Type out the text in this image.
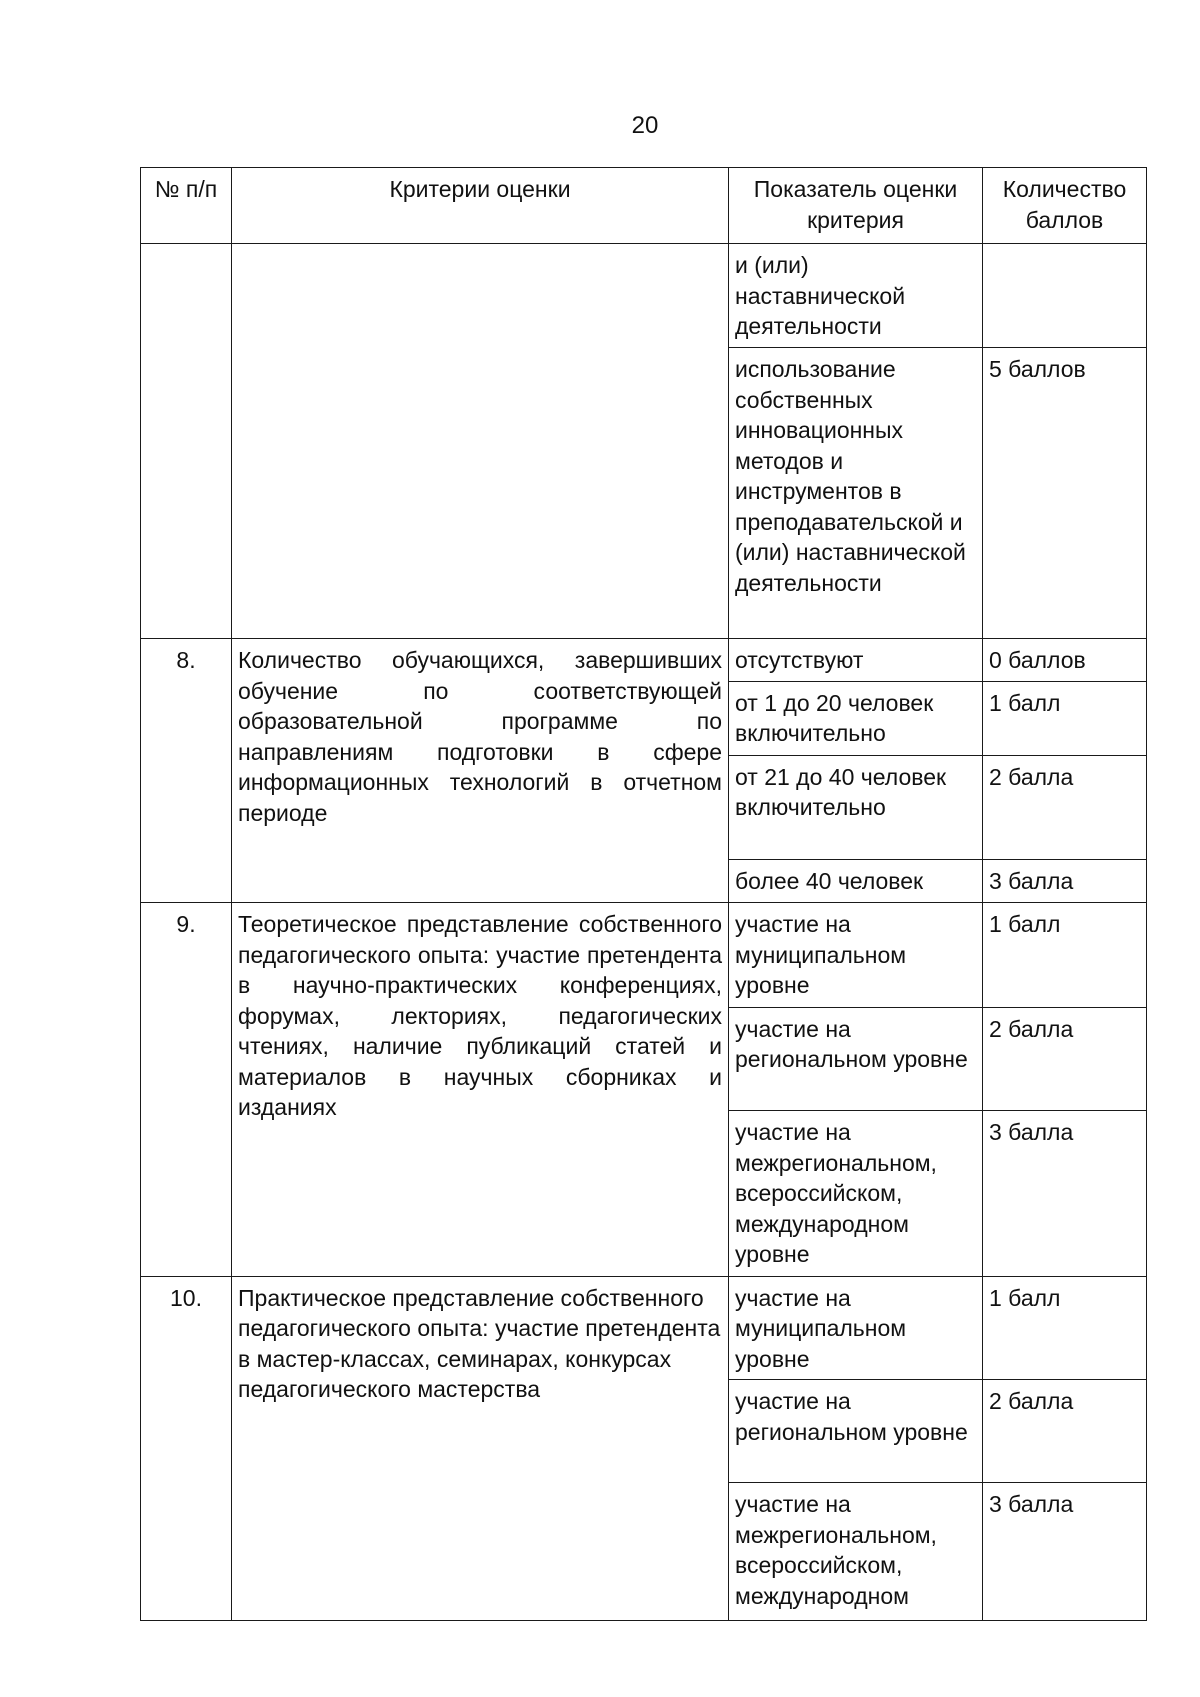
20
№ п/п	Критерии оценки	Показатель оценки критерия	Количество баллов
		и (или) наставнической деятельности	
		использование собственных инновационных методов и инструментов в преподавательской и (или) наставнической деятельности	5 баллов
8.	Количество обучающихся, завершивших обучение по соответствующей образовательной программе по направлениям подготовки в сфере информационных технологий в отчетном периоде	отсутствуют	0 баллов
		от 1 до 20 человек включительно	1 балл
		от 21 до 40 человек включительно	2 балла
		более 40 человек	3 балла
9.	Теоретическое представление собственного педагогического опыта: участие претендента в научно-практических конференциях, форумах, лекториях, педагогических чтениях, наличие публикаций статей и материалов в научных сборниках и изданиях	участие на муниципальном уровне	1 балл
		участие на региональном уровне	2 балла
		участие на межрегиональном, всероссийском, международном уровне	3 балла
10.	Практическое представление собственного педагогического опыта: участие претендента в мастер-классах, семинарах, конкурсах педагогического мастерства	участие на муниципальном уровне	1 балл
		участие на региональном уровне	2 балла
		участие на межрегиональном, всероссийском, международном	3 балла
